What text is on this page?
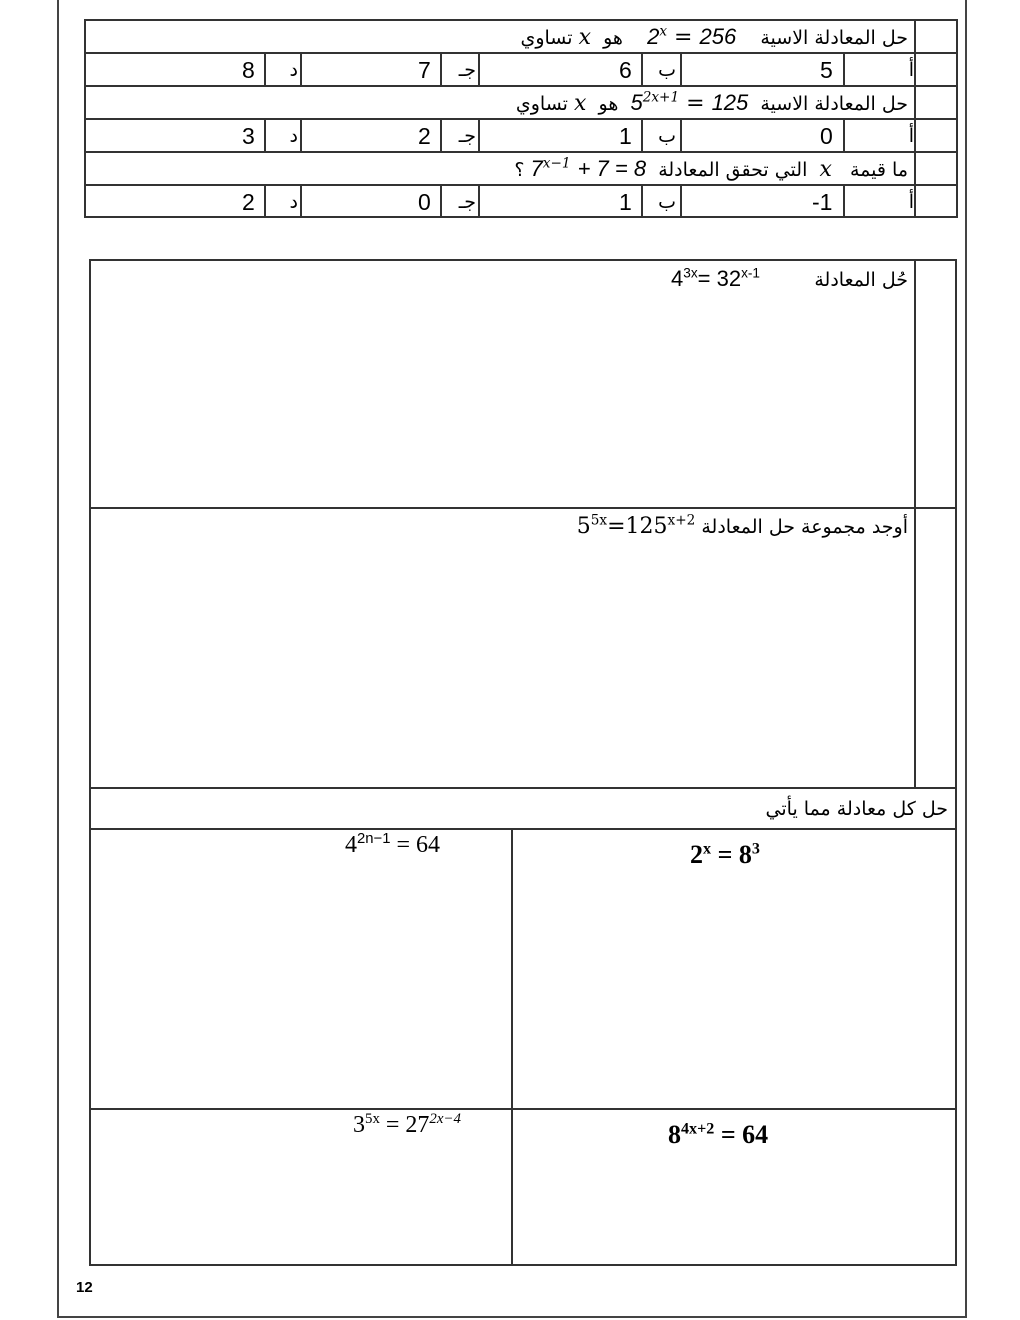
حل المعادلة الاسية    $2^x = 256$    هو  x تساوي
أ
5
ب
6
جـ
7
د
8
حل المعادلة الاسية  $5^{2x+1} = 125$  هو  x تساوي
أ
0
ب
1
جـ
2
د
3
ما قيمة   x  التي تحقق المعادلة  $7^{x-1} + 7 = 8$ ؟
أ
-1
ب
1
جـ
0
د
2
حُل المعادلة         $4^{3x}= 32^{x-1}$
أوجد مجموعة حل المعادلة $5^{5x}=125^{x+2}$
حل كل معادلة مما يأتي
$2^x = 8^3$
$4^{2n-1} = 64$
$8^{4x+2} = 64$
$3^{5x} = 27^{2x-4}$
12
